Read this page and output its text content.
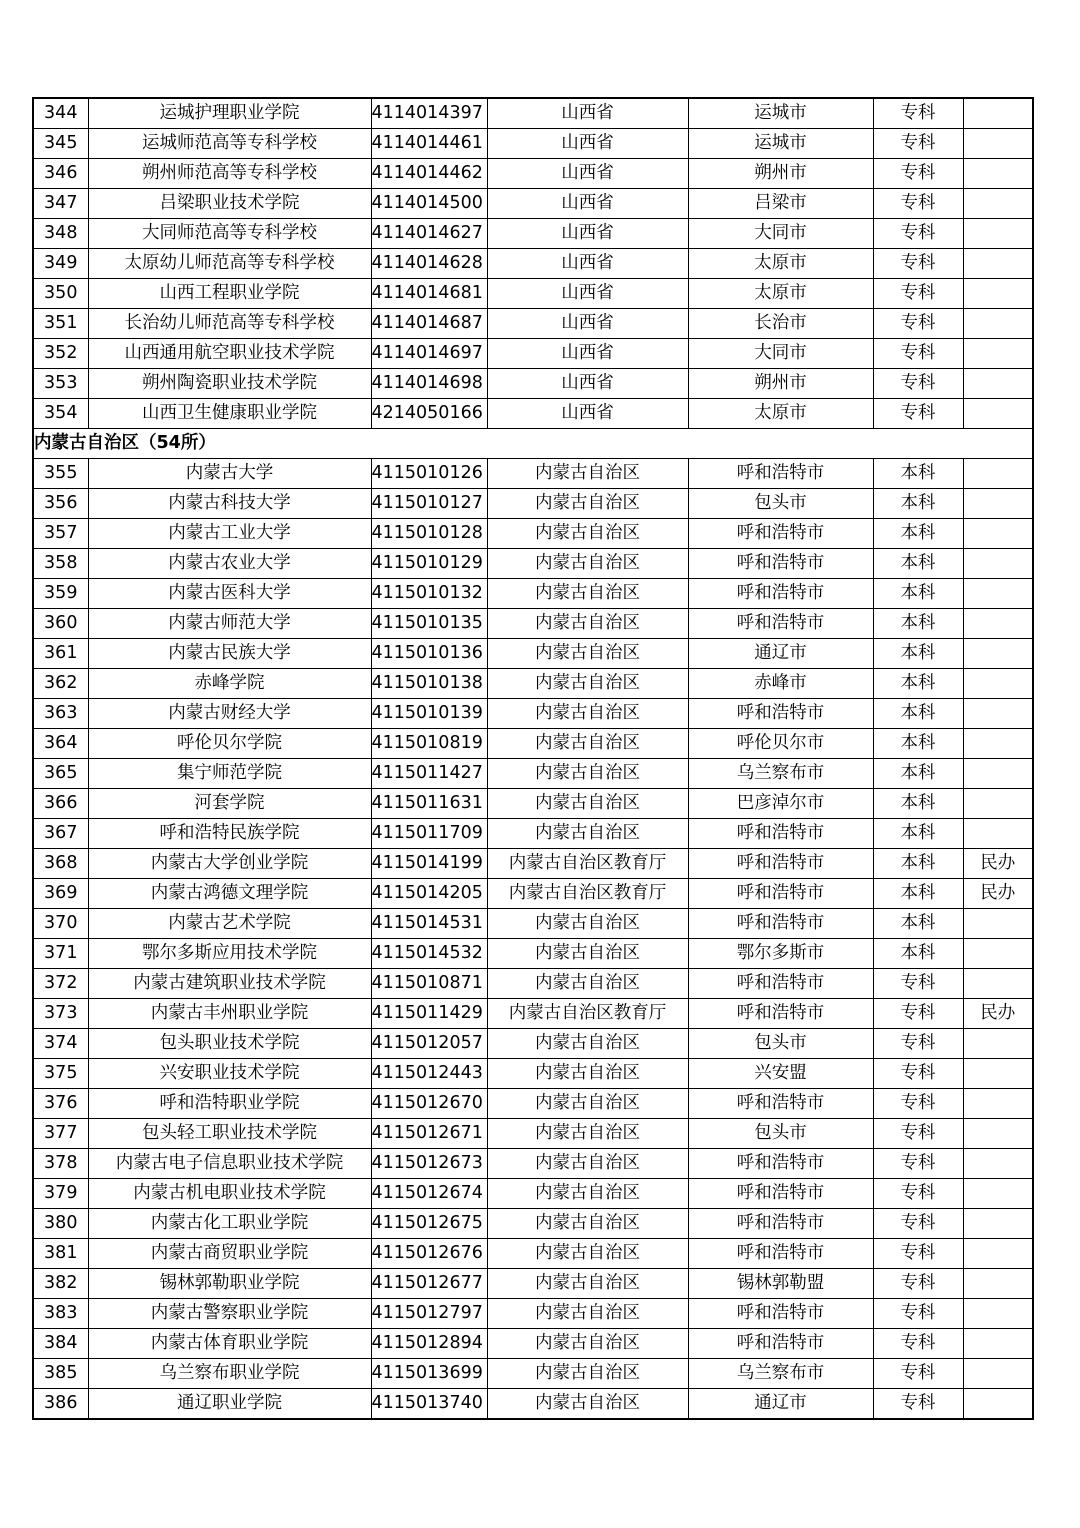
344	运城护理职业学院	4114014397	山西省	运城市	专科	
345	运城师范高等专科学校	4114014461	山西省	运城市	专科	
346	朔州师范高等专科学校	4114014462	山西省	朔州市	专科	
347	吕梁职业技术学院	4114014500	山西省	吕梁市	专科	
348	大同师范高等专科学校	4114014627	山西省	大同市	专科	
349	太原幼儿师范高等专科学校	4114014628	山西省	太原市	专科	
350	山西工程职业学院	4114014681	山西省	太原市	专科	
351	长治幼儿师范高等专科学校	4114014687	山西省	长治市	专科	
352	山西通用航空职业技术学院	4114014697	山西省	大同市	专科	
353	朔州陶瓷职业技术学院	4114014698	山西省	朔州市	专科	
354	山西卫生健康职业学院	4214050166	山西省	太原市	专科	
内蒙古自治区（54所）						
355	内蒙古大学	4115010126	内蒙古自治区	呼和浩特市	本科	
356	内蒙古科技大学	4115010127	内蒙古自治区	包头市	本科	
357	内蒙古工业大学	4115010128	内蒙古自治区	呼和浩特市	本科	
358	内蒙古农业大学	4115010129	内蒙古自治区	呼和浩特市	本科	
359	内蒙古医科大学	4115010132	内蒙古自治区	呼和浩特市	本科	
360	内蒙古师范大学	4115010135	内蒙古自治区	呼和浩特市	本科	
361	内蒙古民族大学	4115010136	内蒙古自治区	通辽市	本科	
362	赤峰学院	4115010138	内蒙古自治区	赤峰市	本科	
363	内蒙古财经大学	4115010139	内蒙古自治区	呼和浩特市	本科	
364	呼伦贝尔学院	4115010819	内蒙古自治区	呼伦贝尔市	本科	
365	集宁师范学院	4115011427	内蒙古自治区	乌兰察布市	本科	
366	河套学院	4115011631	内蒙古自治区	巴彦淖尔市	本科	
367	呼和浩特民族学院	4115011709	内蒙古自治区	呼和浩特市	本科	
368	内蒙古大学创业学院	4115014199	内蒙古自治区教育厅	呼和浩特市	本科	民办
369	内蒙古鸿德文理学院	4115014205	内蒙古自治区教育厅	呼和浩特市	本科	民办
370	内蒙古艺术学院	4115014531	内蒙古自治区	呼和浩特市	本科	
371	鄂尔多斯应用技术学院	4115014532	内蒙古自治区	鄂尔多斯市	本科	
372	内蒙古建筑职业技术学院	4115010871	内蒙古自治区	呼和浩特市	专科	
373	内蒙古丰州职业学院	4115011429	内蒙古自治区教育厅	呼和浩特市	专科	民办
374	包头职业技术学院	4115012057	内蒙古自治区	包头市	专科	
375	兴安职业技术学院	4115012443	内蒙古自治区	兴安盟	专科	
376	呼和浩特职业学院	4115012670	内蒙古自治区	呼和浩特市	专科	
377	包头轻工职业技术学院	4115012671	内蒙古自治区	包头市	专科	
378	内蒙古电子信息职业技术学院	4115012673	内蒙古自治区	呼和浩特市	专科	
379	内蒙古机电职业技术学院	4115012674	内蒙古自治区	呼和浩特市	专科	
380	内蒙古化工职业学院	4115012675	内蒙古自治区	呼和浩特市	专科	
381	内蒙古商贸职业学院	4115012676	内蒙古自治区	呼和浩特市	专科	
382	锡林郭勒职业学院	4115012677	内蒙古自治区	锡林郭勒盟	专科	
383	内蒙古警察职业学院	4115012797	内蒙古自治区	呼和浩特市	专科	
384	内蒙古体育职业学院	4115012894	内蒙古自治区	呼和浩特市	专科	
385	乌兰察布职业学院	4115013699	内蒙古自治区	乌兰察布市	专科	
386	通辽职业学院	4115013740	内蒙古自治区	通辽市	专科	
